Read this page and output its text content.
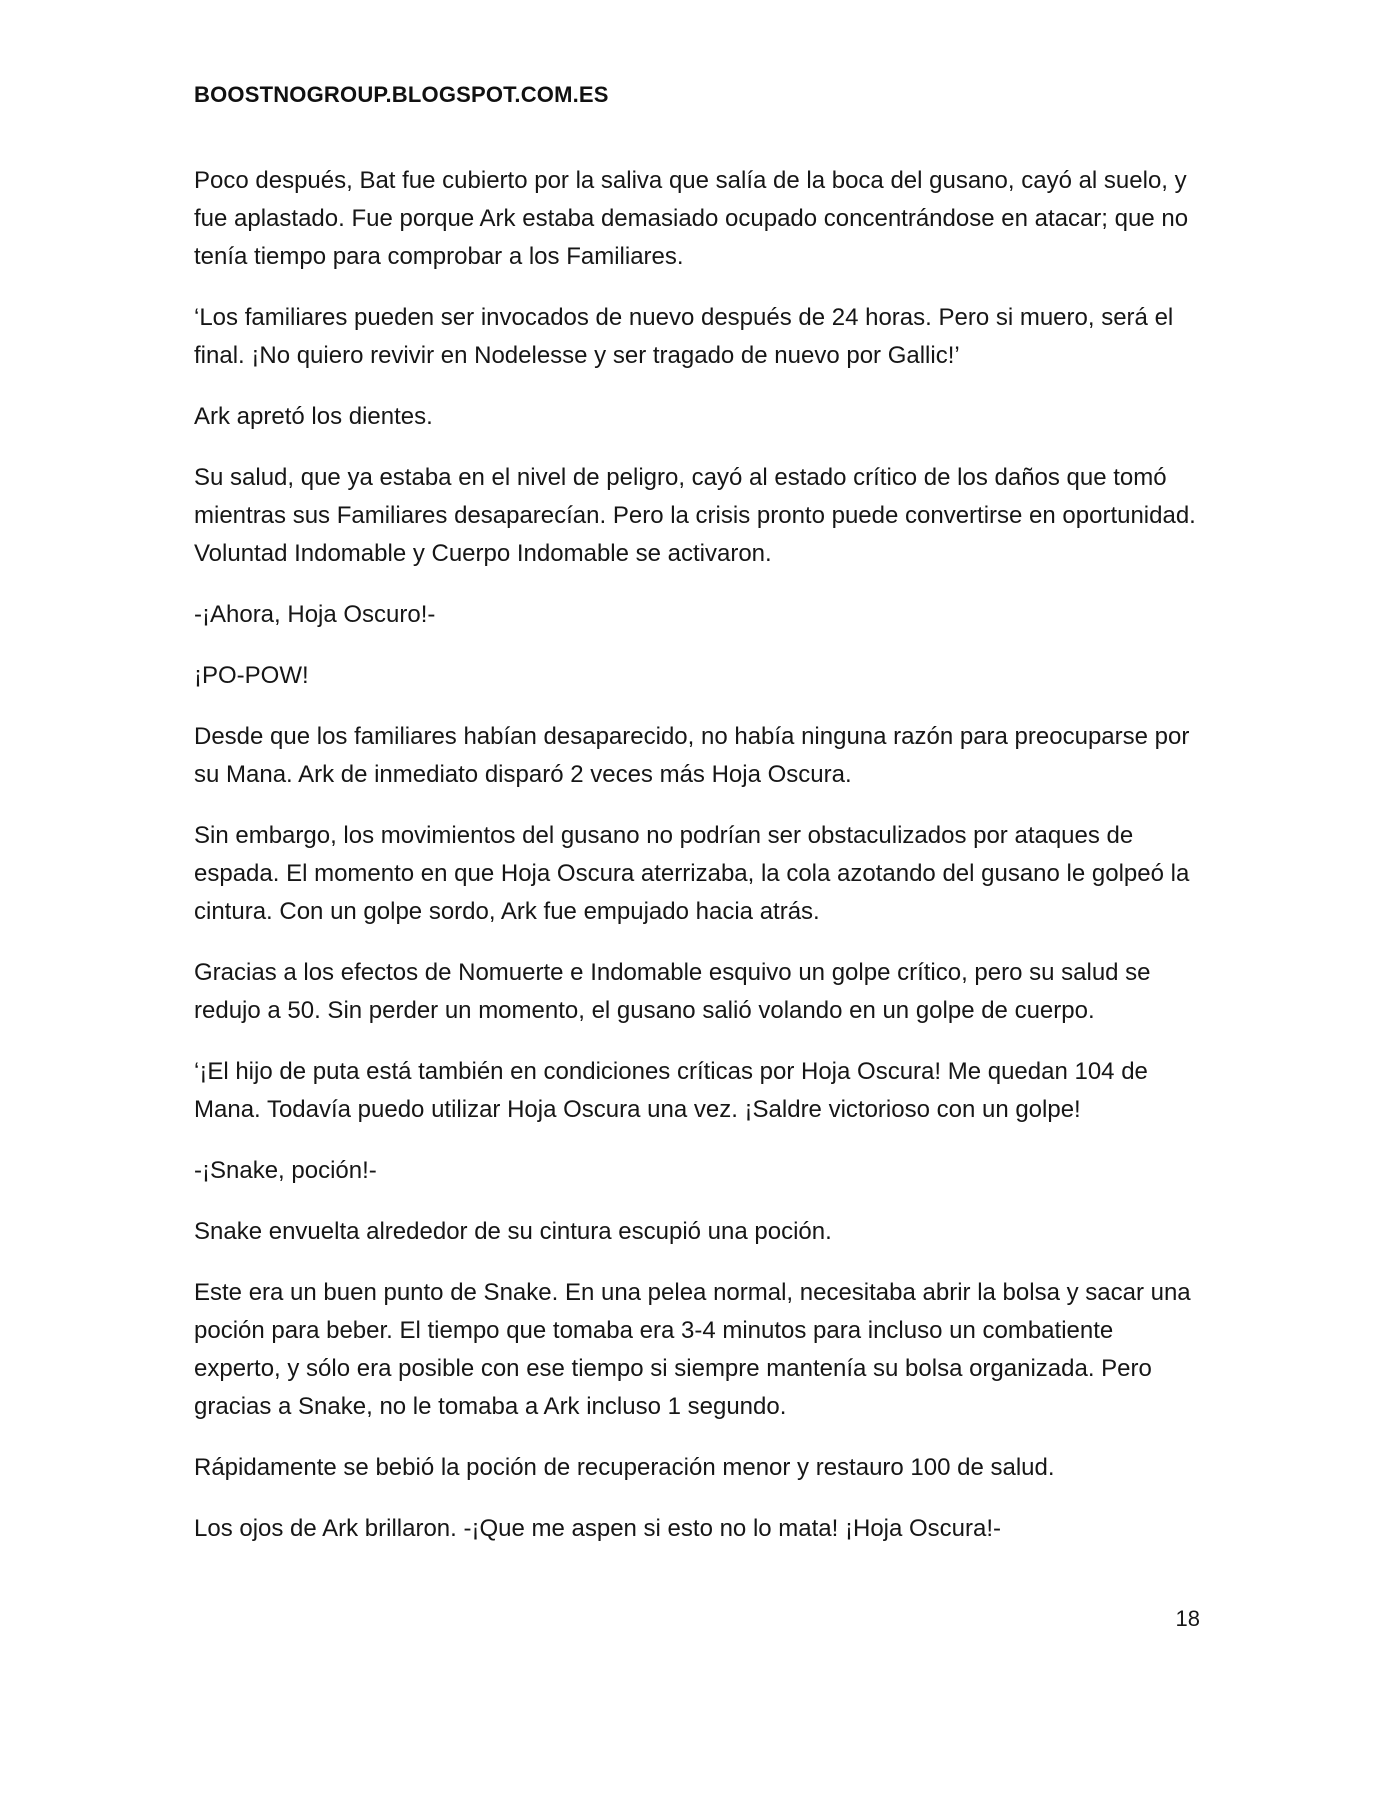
BOOSTNOGROUP.BLOGSPOT.COM.ES

Poco después, Bat fue cubierto por la saliva que salía de la boca del gusano, cayó al suelo, y fue aplastado. Fue porque Ark estaba demasiado ocupado concentrándose en atacar; que no tenía tiempo para comprobar a los Familiares.

‘Los familiares pueden ser invocados de nuevo después de 24 horas. Pero si muero, será el final. ¡No quiero revivir en Nodelesse y ser tragado de nuevo por Gallic!’

Ark apretó los dientes.

Su salud, que ya estaba en el nivel de peligro, cayó al estado crítico de los daños que tomó mientras sus Familiares desaparecían. Pero la crisis pronto puede convertirse en oportunidad. Voluntad Indomable y Cuerpo Indomable se activaron.

-¡Ahora, Hoja Oscuro!-

¡PO-POW!

Desde que los familiares habían desaparecido, no había ninguna razón para preocuparse por su Mana. Ark de inmediato disparó 2 veces más Hoja Oscura.

Sin embargo, los movimientos del gusano no podrían ser obstaculizados por ataques de espada. El momento en que Hoja Oscura aterrizaba, la cola azotando del gusano le golpeó la cintura. Con un golpe sordo, Ark fue empujado hacia atrás.

Gracias a los efectos de Nomuerte e Indomable esquivo un golpe crítico, pero su salud se redujo a 50. Sin perder un momento, el gusano salió volando en un golpe de cuerpo.

‘¡El hijo de puta está también en condiciones críticas por Hoja Oscura! Me quedan 104 de Mana. Todavía puedo utilizar Hoja Oscura una vez. ¡Saldre victorioso con un golpe!

-¡Snake, poción!-

Snake envuelta alrededor de su cintura escupió una poción.

Este era un buen punto de Snake. En una pelea normal, necesitaba abrir la bolsa y sacar una poción para beber. El tiempo que tomaba era 3-4 minutos para incluso un combatiente experto, y sólo era posible con ese tiempo si siempre mantenía su bolsa organizada. Pero gracias a Snake, no le tomaba a Ark incluso 1 segundo.

Rápidamente se bebió la poción de recuperación menor y restauro 100 de salud.

Los ojos de Ark brillaron. -¡Que me aspen si esto no lo mata! ¡Hoja Oscura!-

18
